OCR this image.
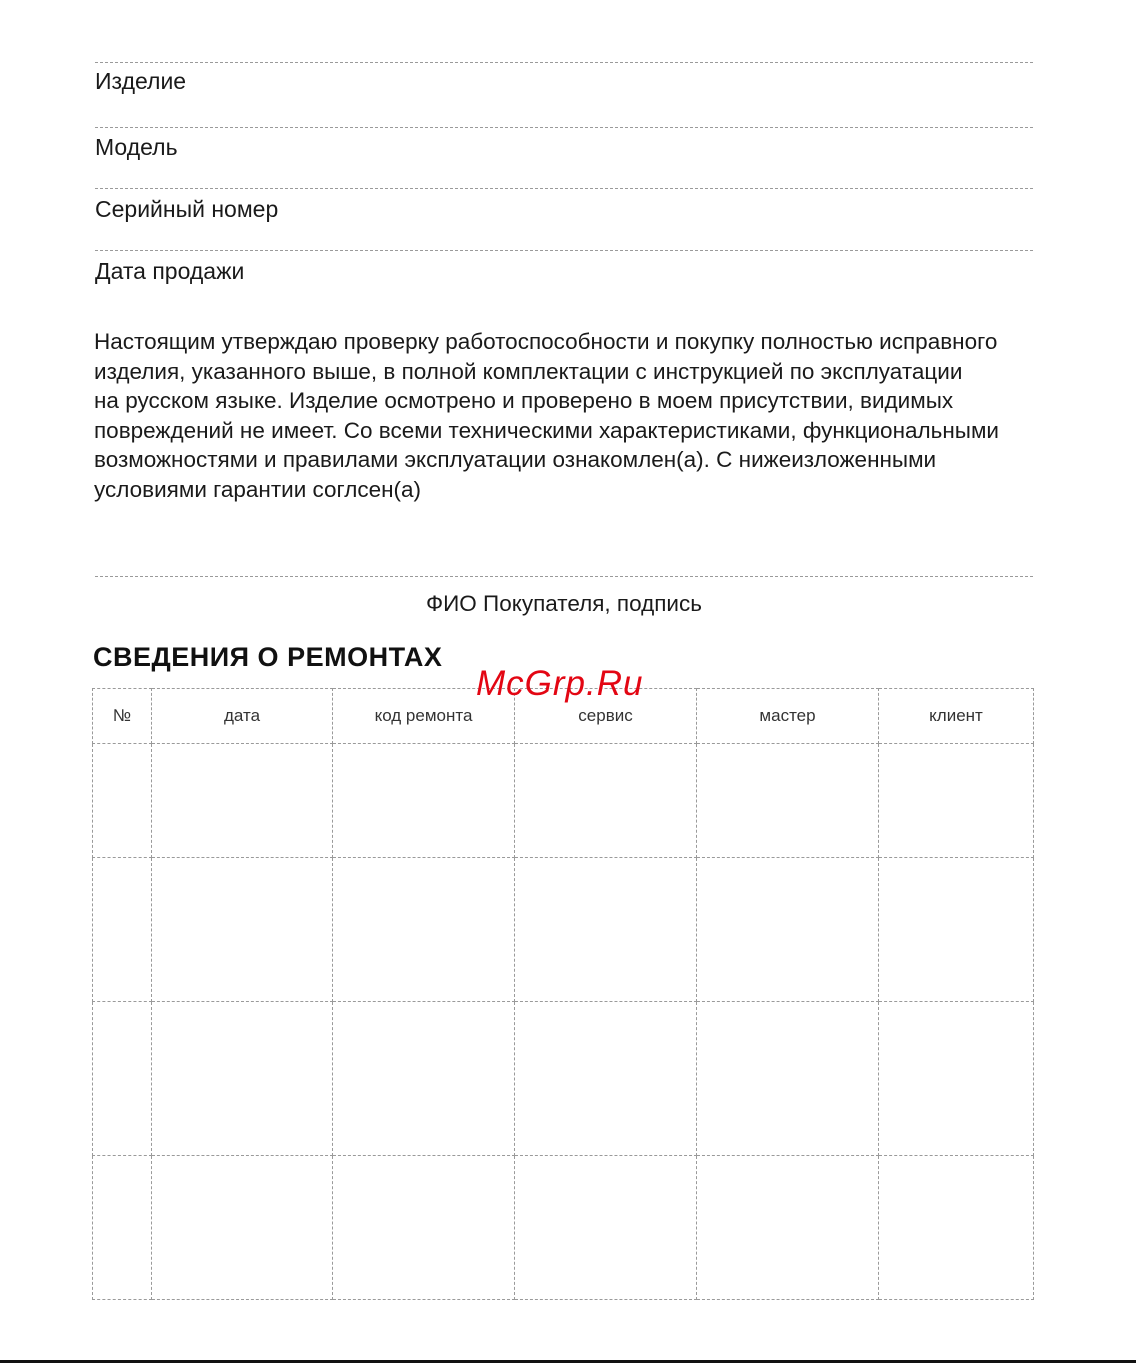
Изделие
Модель
Серийный номер
Дата продажи
Настоящим утверждаю проверку работоспособности и покупку полностью исправного
изделия, указанного выше, в полной комплектации с инструкцией по эксплуатации
на русском языке. Изделие осмотрено и проверено в моем присутствии, видимых
повреждений не имеет. Со всеми техническими характеристиками, функциональными
возможностями и правилами эксплуатации ознакомлен(а). С нижеизложенными
условиями гарантии соглсен(а)
ФИО Покупателя, подпись
СВЕДЕНИЯ О РЕМОНТАХ
McGrp.Ru
№	дата	код ремонта	сервис	мастер	клиент
